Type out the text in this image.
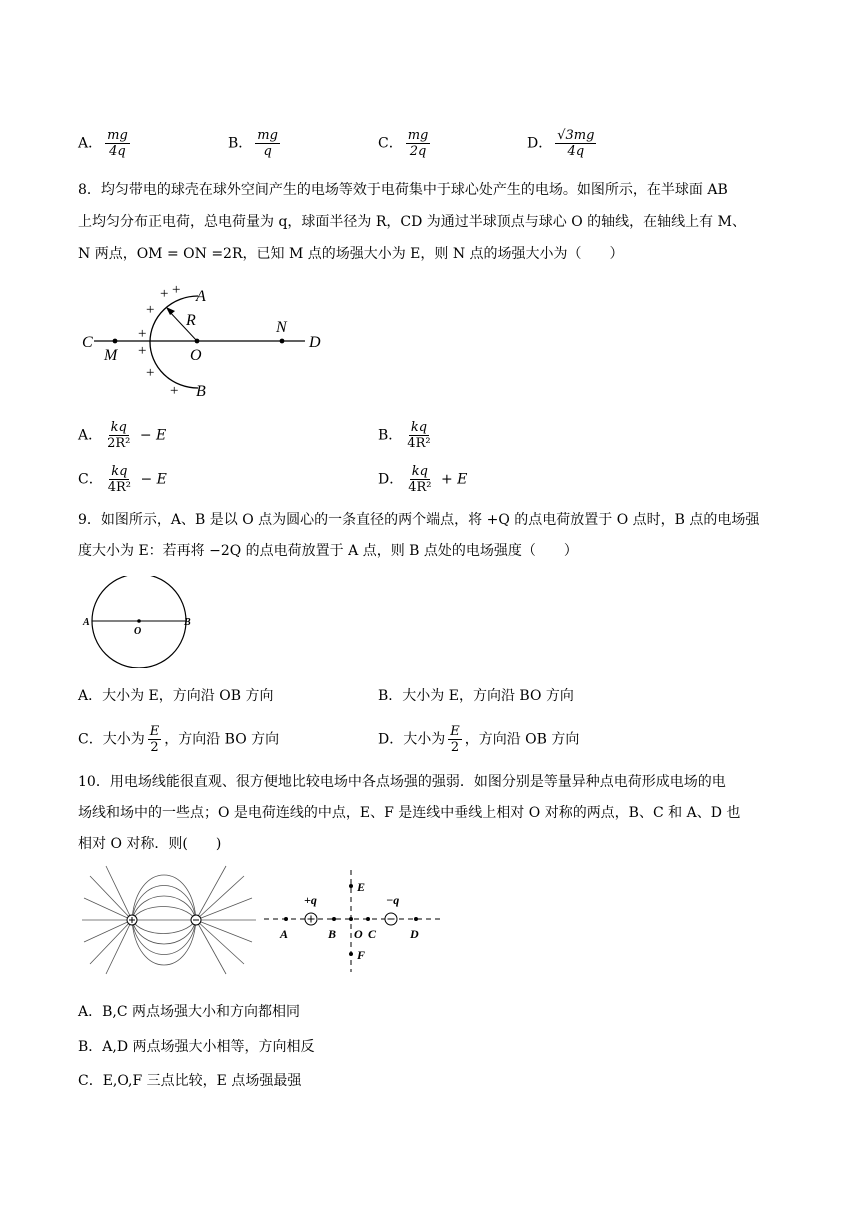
A． $\frac{mg}{4q}$	B． $\frac{mg}{q}$	C． $\frac{mg}{2q}$	D． $\frac{√3mg}{4q}$
8．均匀带电的球壳在球外空间产生的电场等效于电荷集中于球心处产生的电场。如图所示，在半球面 AB
上均匀分布正电荷，总电荷量为 q，球面半径为 R，CD 为通过半球顶点与球心 O 的轴线，在轴线上有 M、
N 两点，OM = ON =2R，已知 M 点的场强大小为 E，则 N 点的场强大小为（　　）
+ +
+
+
+
+
+
A
B
C	D
M
N
O
R
A． $\frac{kq}{\text{2R²}} - E$	B． $\frac{kq}{\text{4R²}}$
C． $\frac{kq}{\text{4R²}} - E$	D． $\frac{kq}{\text{4R²}} + E$
9．如图所示，A、B 是以 O 点为圆心的一条直径的两个端点，将 +Q 的点电荷放置于 O 点时，B 点的电场强
度大小为 E：若再将 −2Q 的点电荷放置于 A 点，则 B 点处的电场强度（　　）
A	B
O
A．大小为 E，方向沿 OB 方向	B．大小为 E，方向沿 BO 方向
C．大小为 $\frac{E}{2}$ ，方向沿 BO 方向	D．大小为 $\frac{E}{2}$ ，方向沿 OB 方向
10．用电场线能很直观、很方便地比较电场中各点场强的强弱．如图分别是等量异种点电荷形成电场的电
场线和场中的一些点；O 是电荷连线的中点，E、F 是连线中垂线上相对 O 对称的两点，B、C 和 A、D 也
相对 O 对称．则(　　)
+q	−q
A	B O C	D
E
F
A．B,C 两点场强大小和方向都相同
B．A,D 两点场强大小相等，方向相反
C．E,O,F 三点比较，E 点场强最强
